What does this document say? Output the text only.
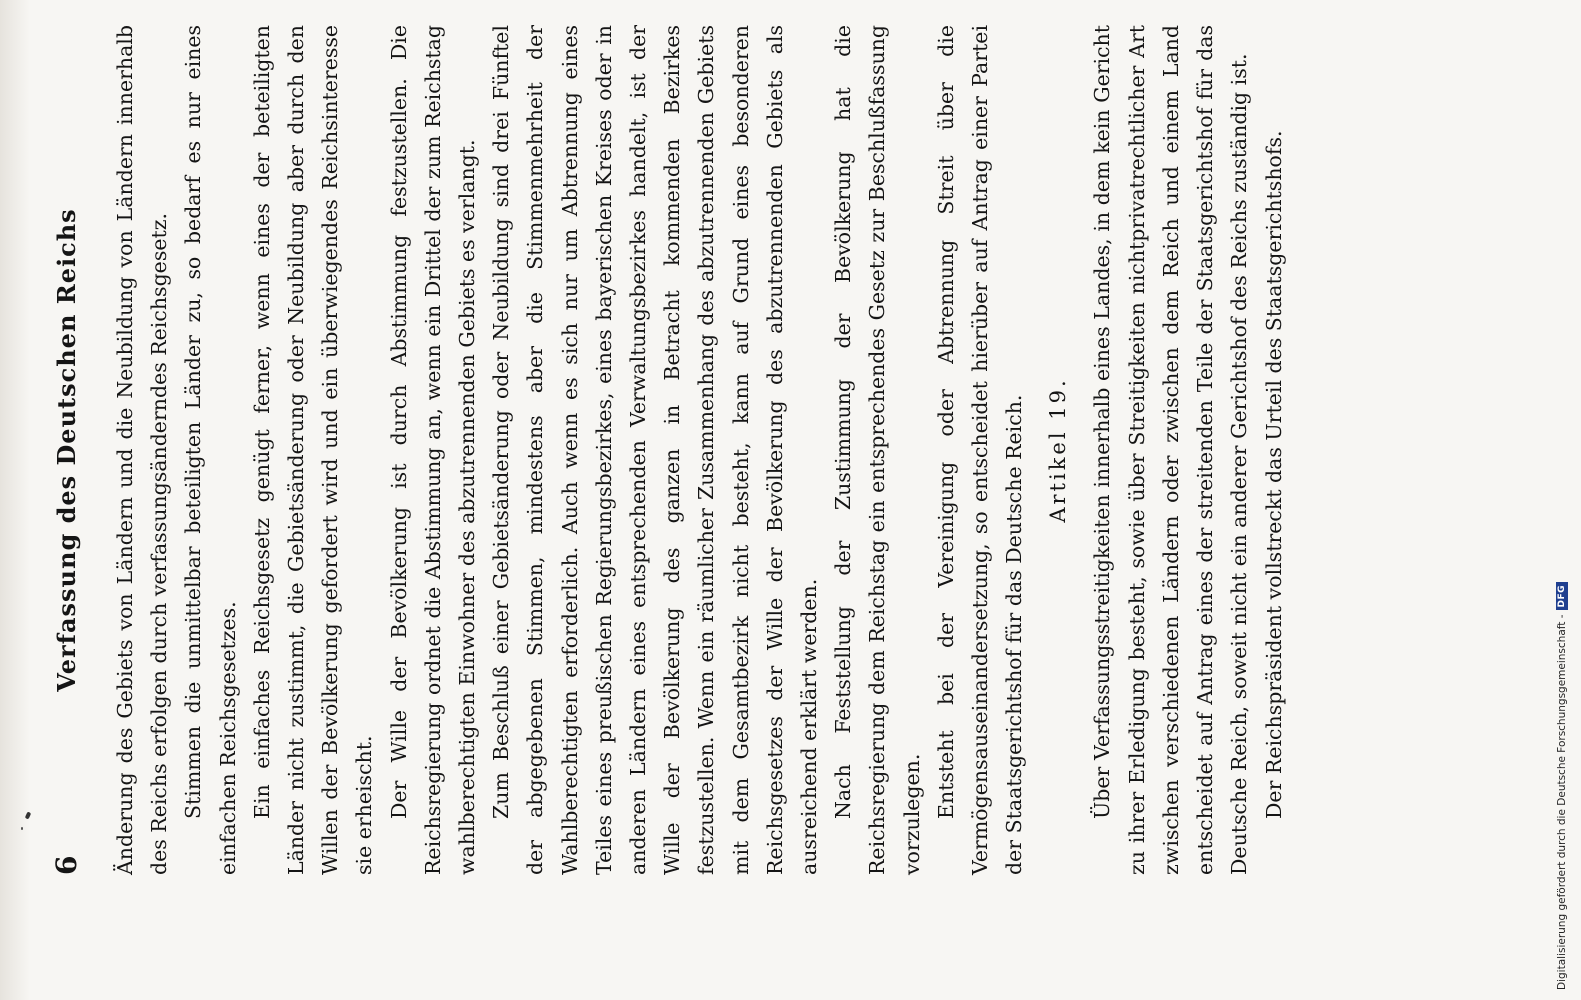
6
Verfassung des Deutschen Reichs Änderung des Gebiets von Ländern und die Neubildung von Ländern innerhalb des Reichs erfolgen durch verfassungsänderndes Reichsgesetz. Stimmen die unmittelbar beteiligten Länder zu, so bedarf es nur eines einfachen Reichsgesetzes. Ein einfaches Reichsgesetz genügt ferner, wenn eines der beteiligten Länder nicht zustimmt, die Gebietsänderung oder Neubildung aber durch den Willen der Bevölkerung gefordert wird und ein überwiegendes Reichsinteresse sie erheischt. Der Wille der Bevölkerung ist durch Abstimmung festzustellen. Die Reichsregierung ordnet die Abstimmung an, wenn ein Drittel der zum Reichstag wahlberechtigten Einwohner des abzutrennenden Gebiets es verlangt. Zum Beschluß einer Gebietsänderung oder Neubildung sind drei Fünftel der abgegebenen Stimmen, mindestens aber die Stimmenmehrheit der Wahlberechtigten erforderlich. Auch wenn es sich nur um Abtrennung eines Teiles eines preußischen Regierungsbezirkes, eines bayerischen Kreises oder in anderen Ländern eines entsprechenden Verwaltungsbezirkes handelt, ist der Wille der Bevölkerung des ganzen in Betracht kommenden Bezirkes festzustellen. Wenn ein räumlicher Zusammenhang des abzutrennenden Gebiets mit dem Gesamtbezirk nicht besteht, kann auf Grund eines besonderen Reichsgesetzes der Wille der Bevölkerung des abzutrennenden Gebiets als ausreichend erklärt werden. Nach Feststellung der Zustimmung der Bevölkerung hat die Reichsregierung dem Reichstag ein entsprechendes Gesetz zur Beschlußfassung vorzulegen. Entsteht bei der Vereinigung oder Abtrennung Streit über die Vermögensauseinandersetzung, so entscheidet hierüber auf Antrag einer Partei der Staatsgerichtshof für das Deutsche Reich. Artikel 19. Über Verfassungsstreitigkeiten innerhalb eines Landes, in dem kein Gericht zu ihrer Erledigung besteht, sowie über Streitigkeiten nichtprivatrechtlicher Art zwischen verschiedenen Ländern oder zwischen dem Reich und einem Land entscheidet auf Antrag eines der streitenden Teile der Staatsgerichtshof für das Deutsche Reich, soweit nicht ein anderer Gerichtshof des Reichs zuständig ist. Der Reichspräsident vollstreckt das Urteil des Staatsgerichtshofs.	Digitalisierung gefördert durch die Deutsche Forschungsgemeinschaft -
DFG
